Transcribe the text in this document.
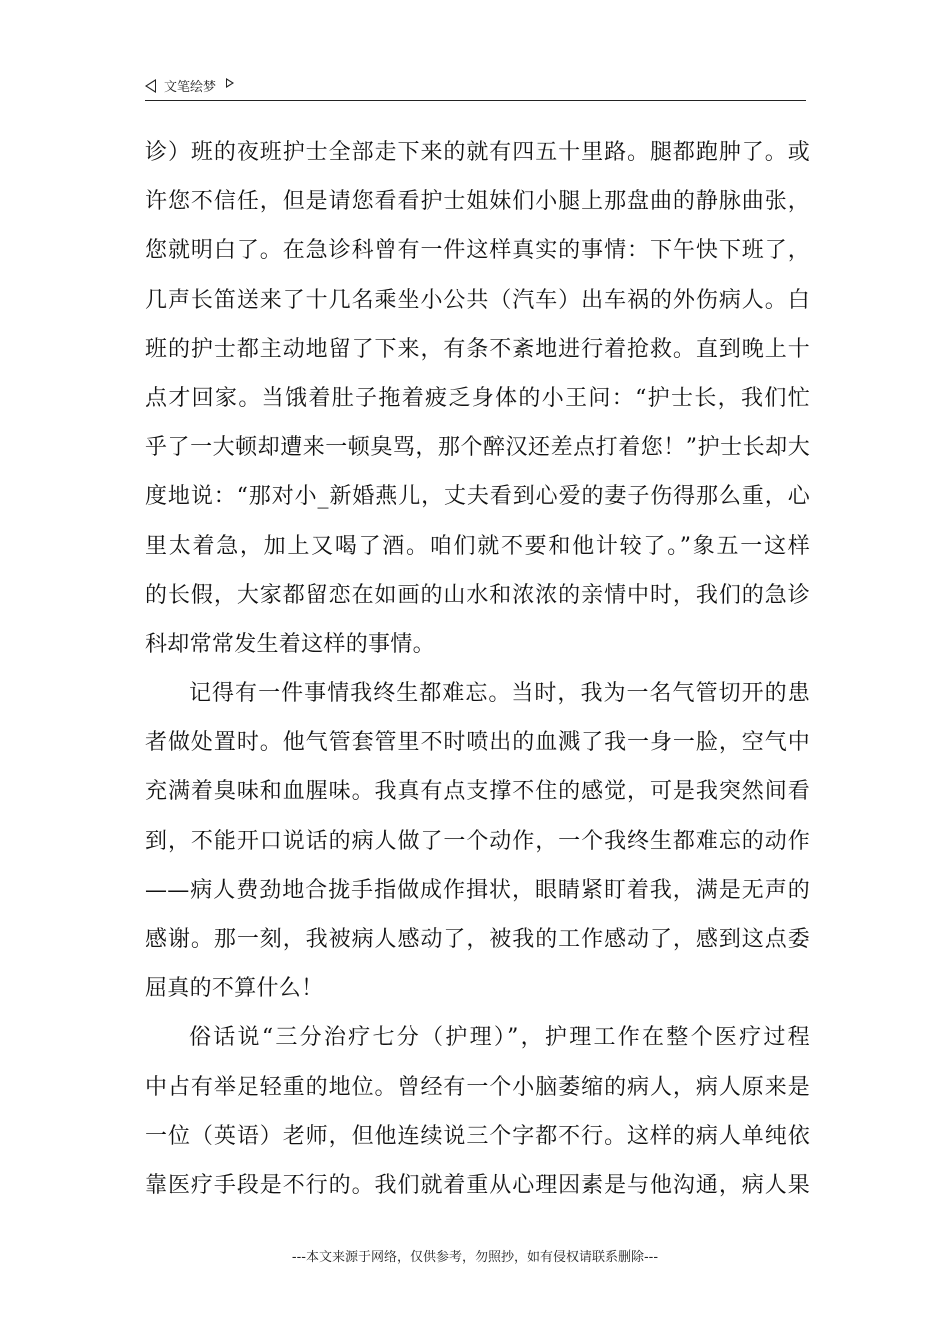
文笔绘梦
诊）班的夜班护士全部走下来的就有四五十里路。腿都跑肿了。或
许您不信任，但是请您看看护士姐妹们小腿上那盘曲的静脉曲张，
您就明白了。在急诊科曾有一件这样真实的事情：下午快下班了，
几声长笛送来了十几名乘坐小公共（汽车）出车祸的外伤病人。白
班的护士都主动地留了下来，有条不紊地进行着抢救。直到晚上十
点才回家。当饿着肚子拖着疲乏身体的小王问：“护士长，我们忙
乎了一大顿却遭来一顿臭骂，那个醉汉还差点打着您！”护士长却大
度地说：“那对小_新婚燕儿，丈夫看到心爱的妻子伤得那么重，心
里太着急，加上又喝了酒。咱们就不要和他计较了。”象五一这样
的长假，大家都留恋在如画的山水和浓浓的亲情中时，我们的急诊
科却常常发生着这样的事情。
记得有一件事情我终生都难忘。当时，我为一名气管切开的患
者做处置时。他气管套管里不时喷出的血溅了我一身一脸，空气中
充满着臭味和血腥味。我真有点支撑不住的感觉，可是我突然间看
到，不能开口说话的病人做了一个动作，一个我终生都难忘的动作
——病人费劲地合拢手指做成作揖状，眼睛紧盯着我，满是无声的
感谢。那一刻，我被病人感动了，被我的工作感动了，感到这点委
屈真的不算什么！
俗话说“三分治疗七分（护理）”，护理工作在整个医疗过程
中占有举足轻重的地位。曾经有一个小脑萎缩的病人，病人原来是
一位（英语）老师，但他连续说三个字都不行。这样的病人单纯依
靠医疗手段是不行的。我们就着重从心理因素是与他沟通，病人果
---本文来源于网络，仅供参考，勿照抄，如有侵权请联系删除---
